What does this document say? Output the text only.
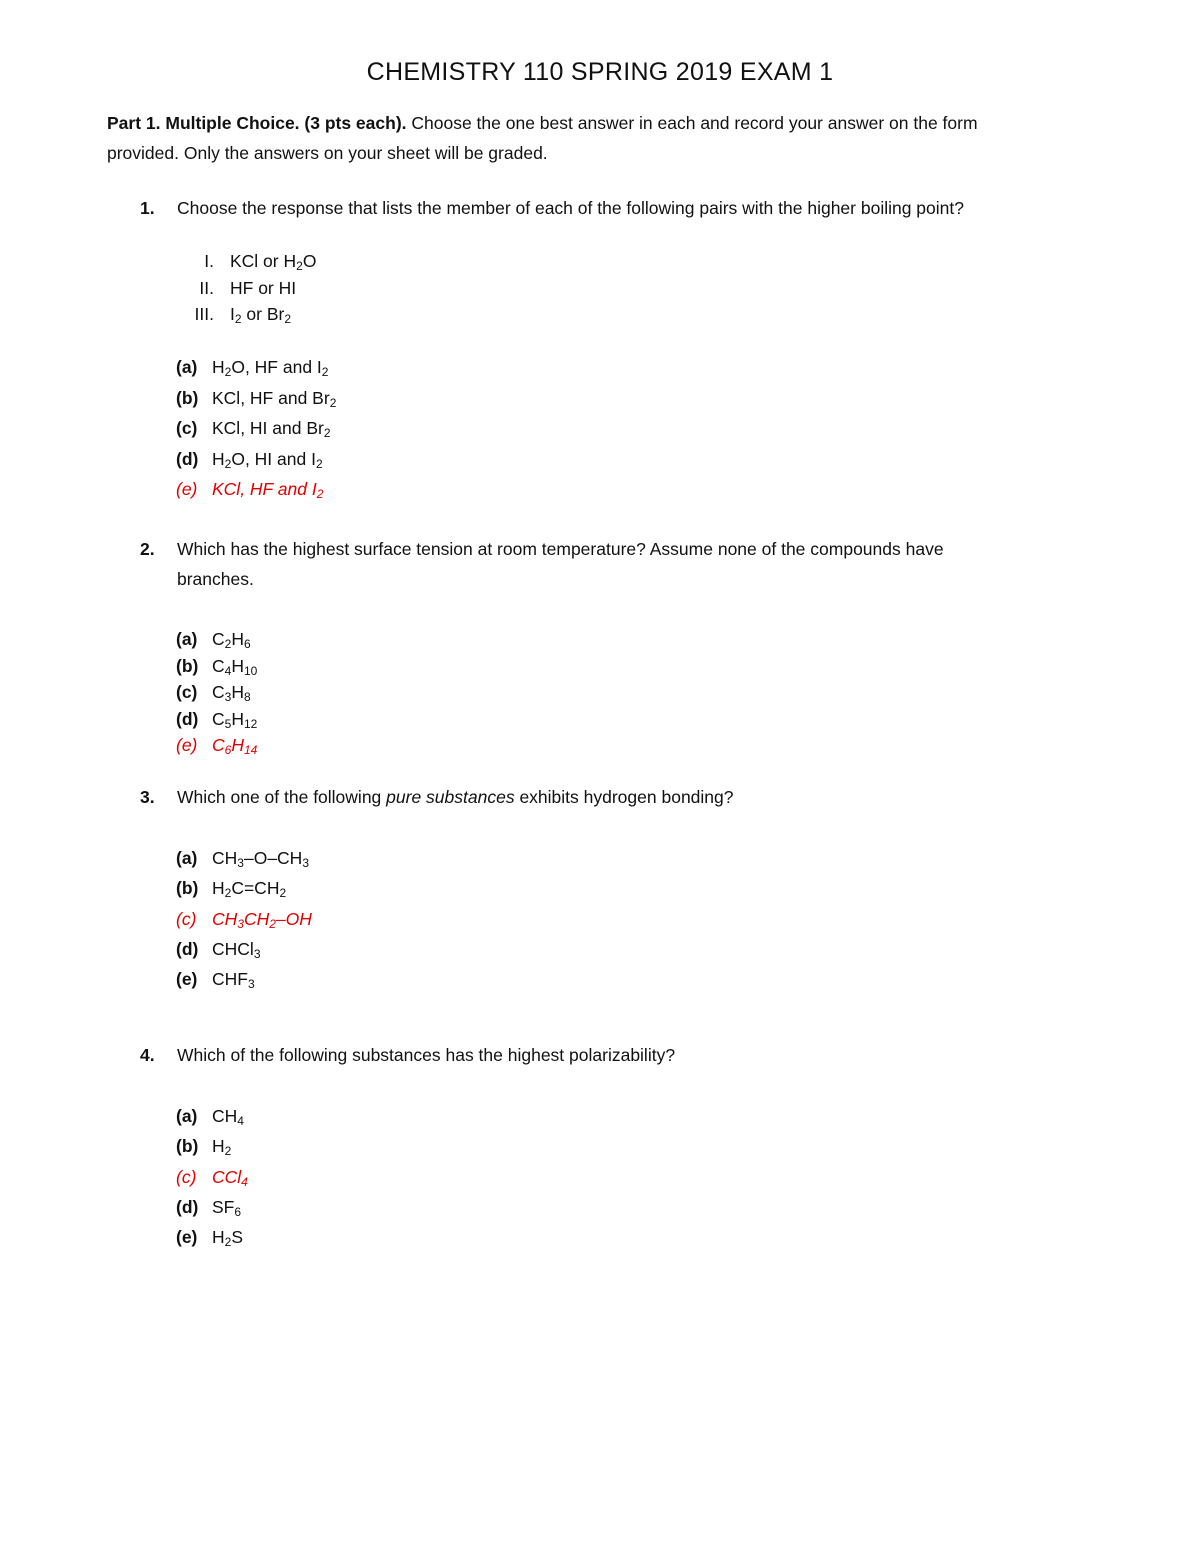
CHEMISTRY 110 SPRING 2019 EXAM 1
Part 1. Multiple Choice. (3 pts each). Choose the one best answer in each and record your answer on the form
provided. Only the answers on your sheet will be graded.
1. Choose the response that lists the member of each of the following pairs with the higher boiling point?
I. KCl or $H_2O$
II. HF or HI
III. $I_2$ or $Br_2$
(a) $H_2O$, HF and $I_2$
(b) KCl, HF and $Br_2$
(c) KCl, HI and $Br_2$
(d) $H_2O$, HI and $I_2$
(e) KCl, HF and $I_2$
2. Which has the highest surface tension at room temperature? Assume none of the compounds have
branches.
(a) $C_2H_6$
(b) $C_4H_{10}$
(c) $C_3H_8$
(d) $C_5H_{12}$
(e) $C_6H_{14}$
3. Which one of the following pure substances exhibits hydrogen bonding?
(a) $CH_3-O-CH_3$
(b) $H_2C=CH_2$
(c) $CH_3CH_2-OH$
(d) CHCl$_3$
(e) $CHF_3$
4. Which of the following substances has the highest polarizability?
(a) $CH_4$
(b) $H_2$
(c) CCl$_4$
(d) $SF_6$
(e) $H_2S$
